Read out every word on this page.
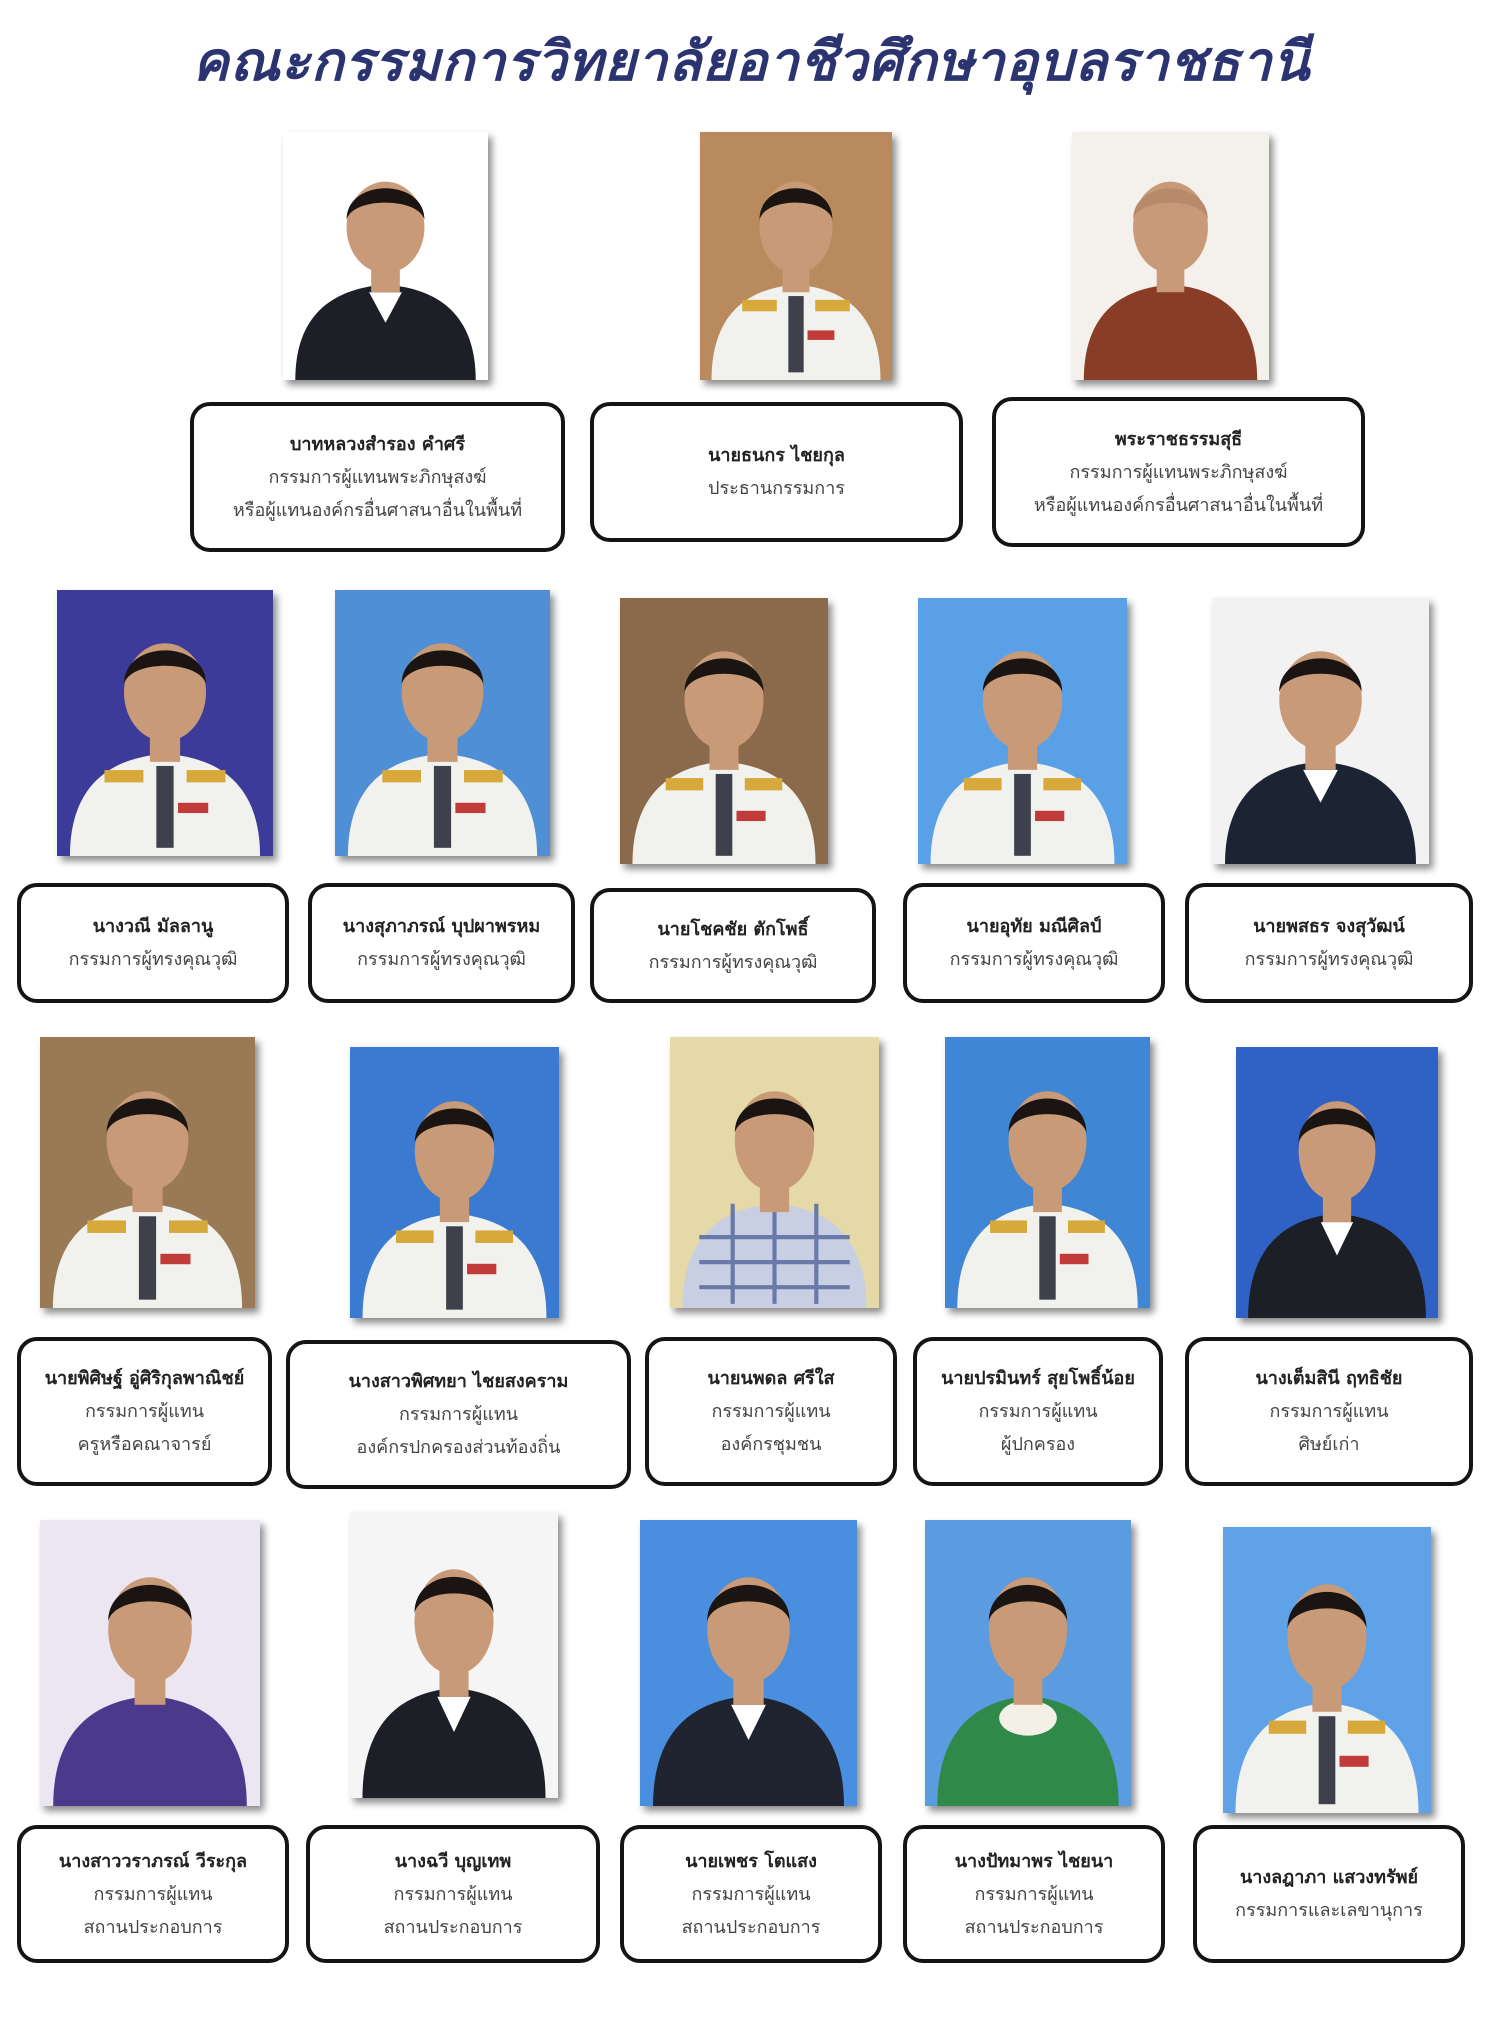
คณะกรรมการวิทยาลัยอาชีวศึกษาอุบลราชธานี
บาทหลวงสำรอง คำศรี
กรรมการผู้แทนพระภิกษุสงฆ์
หรือผู้แทนองค์กรอื่นศาสนาอื่นในพื้นที่
นายธนกร ไชยกุล
ประธานกรรมการ
พระราชธรรมสุธี
กรรมการผู้แทนพระภิกษุสงฆ์
หรือผู้แทนองค์กรอื่นศาสนาอื่นในพื้นที่
นางวณี มัลลานู
กรรมการผู้ทรงคุณวุฒิ
นางสุภาภรณ์ บุปผาพรหม
กรรมการผู้ทรงคุณวุฒิ
นายโชคชัย ตักโพธิ์
กรรมการผู้ทรงคุณวุฒิ
นายอุทัย มณีศิลป์
กรรมการผู้ทรงคุณวุฒิ
นายพสธร จงสุวัฒน์
กรรมการผู้ทรงคุณวุฒิ
นายพิศิษฐ์ อู่ศิริกุลพาณิชย์
กรรมการผู้แทน
ครูหรือคณาจารย์
นางสาวพิศทยา ไชยสงคราม
กรรมการผู้แทน
องค์กรปกครองส่วนท้องถิ่น
นายนพดล ศรีใส
กรรมการผู้แทน
องค์กรชุมชน
นายปรมินทร์ สุยโพธิ์น้อย
กรรมการผู้แทน
ผู้ปกครอง
นางเต็มสินี ฤทธิชัย
กรรมการผู้แทน
ศิษย์เก่า
นางสาววราภรณ์ วีระกุล
กรรมการผู้แทน
สถานประกอบการ
นางฉวี บุญเทพ
กรรมการผู้แทน
สถานประกอบการ
นายเพชร โตแสง
กรรมการผู้แทน
สถานประกอบการ
นางปัทมาพร ไชยนา
กรรมการผู้แทน
สถานประกอบการ
นางลฎาภา แสวงทรัพย์
กรรมการและเลขานุการ
